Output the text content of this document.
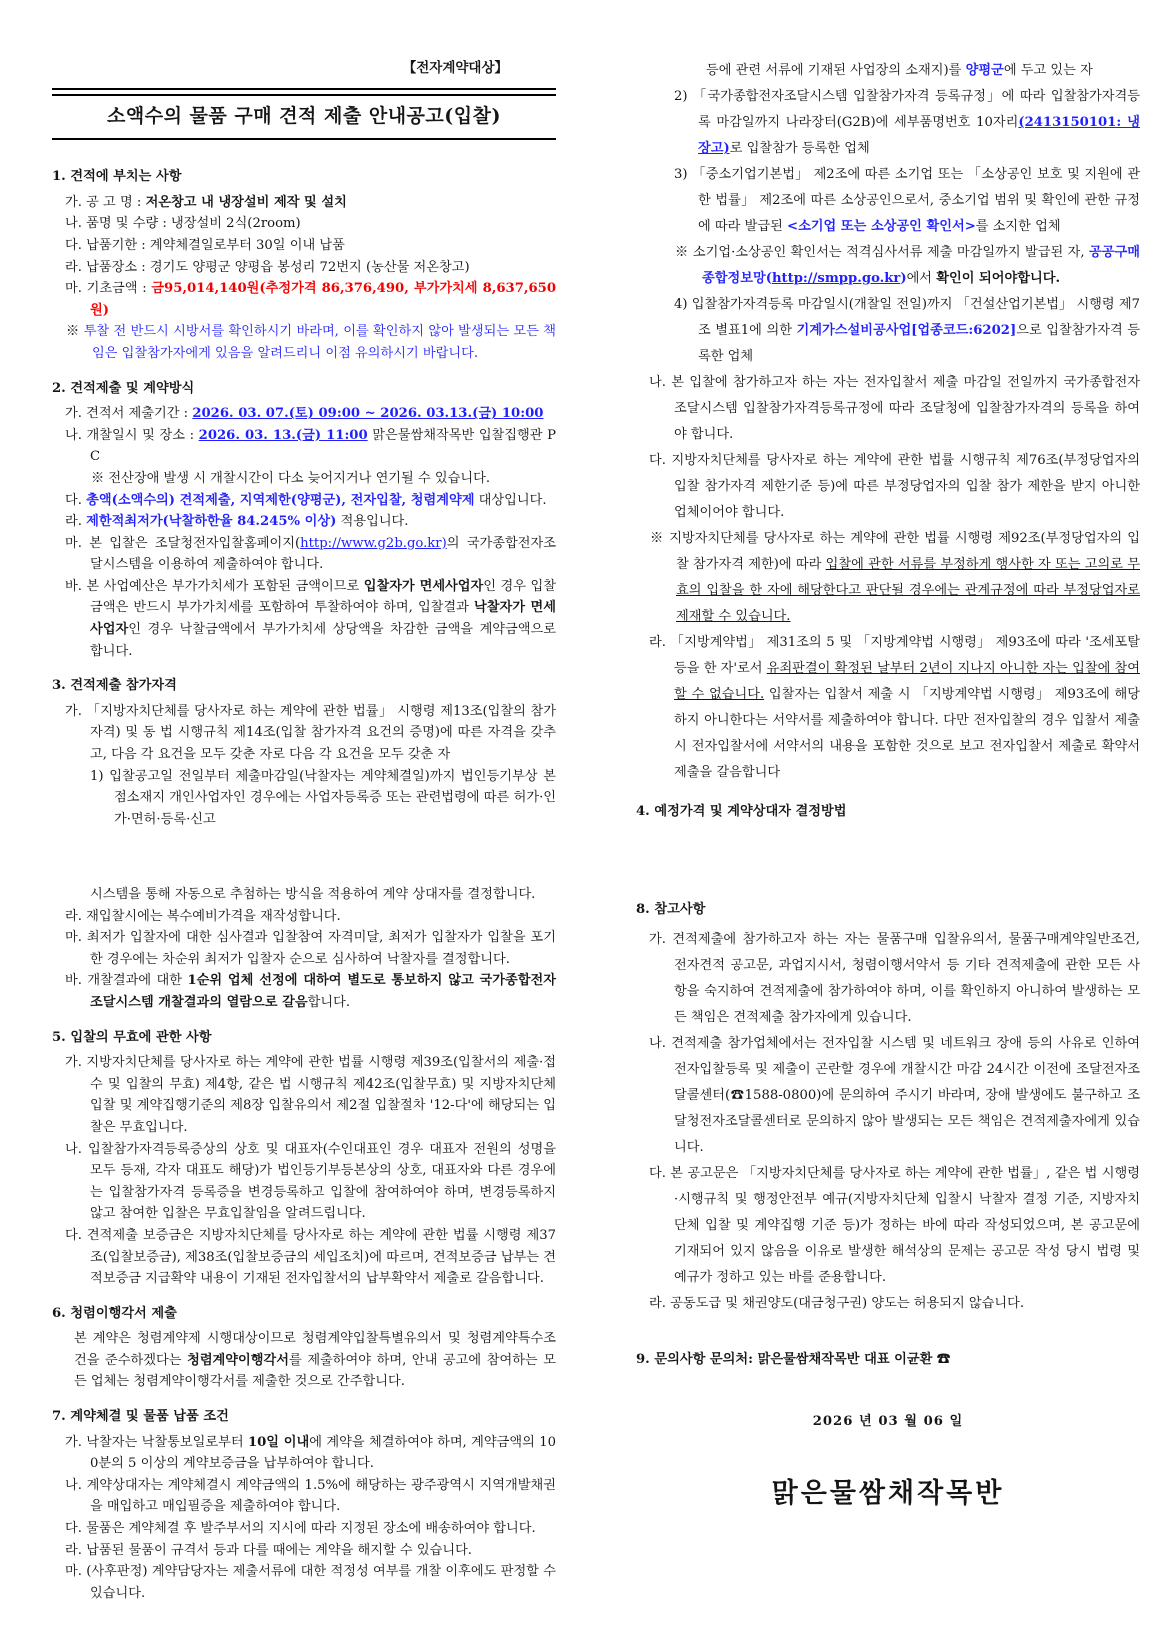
【전자계약대상】
소액수의 물품 구매 견적 제출 안내공고(입찰)
1. 견적에 부치는 사항
가. 공 고 명 : 저온창고 내 냉장설비 제작 및 설치
나. 품명 및 수량 : 냉장설비 2식(2room)
다. 납품기한 : 계약체결일로부터 30일 이내 납품
라. 납품장소 : 경기도 양평군 양평읍 봉성리 72번지 (농산물 저온창고)
마. 기초금액 : 금95,014,140원(추정가격 86,376,490, 부가가치세 8,637,650원)
※ 투찰 전 반드시 시방서를 확인하시기 바라며, 이를 확인하지 않아 발생되는 모든 책임은 입찰참가자에게 있음을 알려드리니 이점 유의하시기 바랍니다.
2. 견적제출 및 계약방식
가. 견적서 제출기간 : 2026. 03. 07.(토) 09:00 ~ 2026. 03.13.(금) 10:00
나. 개찰일시 및 장소 : 2026. 03. 13.(금) 11:00 맑은물쌈채작목반 입찰집행관 PC
※ 전산장애 발생 시 개찰시간이 다소 늦어지거나 연기될 수 있습니다.
다. 총액(소액수의) 견적제출, 지역제한(양평군), 전자입찰, 청렴계약제 대상입니다.
라. 제한적최저가(낙찰하한율 84.245% 이상) 적용입니다.
마. 본 입찰은 조달청전자입찰홈페이지(http://www.g2b.go.kr)의 국가종합전자조달시스템을 이용하여 제출하여야 합니다.
바. 본 사업예산은 부가가치세가 포함된 금액이므로 입찰자가 면세사업자인 경우 입찰금액은 반드시 부가가치세를 포함하여 투찰하여야 하며, 입찰결과 낙찰자가 면세사업자인 경우 낙찰금액에서 부가가치세 상당액을 차감한 금액을 계약금액으로 합니다.
3. 견적제출 참가자격
가. 「지방자치단체를 당사자로 하는 계약에 관한 법률」 시행령 제13조(입찰의 참가자격) 및 동 법 시행규칙 제14조(입찰 참가자격 요건의 증명)에 따른 자격을 갖추고, 다음 각 요건을 모두 갖춘 자로 다음 각 요건을 모두 갖춘 자
1) 입찰공고일 전일부터 제출마감일(낙찰자는 계약체결일)까지 법인등기부상 본점소재지 개인사업자인 경우에는 사업자등록증 또는 관련법령에 따른 허가·인가·면허·등록·신고
등에 관련 서류에 기재된 사업장의 소재지)를 양평군에 두고 있는 자
2) 「국가종합전자조달시스템 입찰참가자격 등록규정」에 따라 입찰참가자격등록 마감일까지 나라장터(G2B)에 세부품명번호 10자리(2413150101: 냉장고)로 입찰참가 등록한 업체
3) 「중소기업기본법」 제2조에 따른 소기업 또는 「소상공인 보호 및 지원에 관한 법률」 제2조에 따른 소상공인으로서, 중소기업 범위 및 확인에 관한 규정에 따라 발급된 <소기업 또는 소상공인 확인서>를 소지한 업체
※ 소기업·소상공인 확인서는 적격심사서류 제출 마감일까지 발급된 자, 공공구매 종합정보망(http://smpp.go.kr)에서 확인이 되어야합니다.
4) 입찰참가자격등록 마감일시(개찰일 전일)까지 「건설산업기본법」 시행령 제7조 별표1에 의한 기계가스설비공사업[업종코드:6202]으로 입찰참가자격 등록한 업체
나. 본 입찰에 참가하고자 하는 자는 전자입찰서 제출 마감일 전일까지 국가종합전자조달시스템 입찰참가자격등록규정에 따라 조달청에 입찰참가자격의 등록을 하여야 합니다.
다. 지방자치단체를 당사자로 하는 계약에 관한 법률 시행규칙 제76조(부정당업자의 입찰 참가자격 제한기준 등)에 따른 부정당업자의 입찰 참가 제한을 받지 아니한 업체이어야 합니다.
※ 지방자치단체를 당사자로 하는 계약에 관한 법률 시행령 제92조(부정당업자의 입찰 참가자격 제한)에 따라 입찰에 관한 서류를 부정하게 행사한 자 또는 고의로 무효의 입찰을 한 자에 해당한다고 판단될 경우에는 관계규정에 따라 부정당업자로 제재할 수 있습니다.
라. 「지방계약법」 제31조의 5 및 「지방계약법 시행령」 제93조에 따라 '조세포탈 등을 한 자'로서 유죄판결이 확정된 날부터 2년이 지나지 아니한 자는 입찰에 참여할 수 없습니다. 입찰자는 입찰서 제출 시 「지방계약법 시행령」 제93조에 해당하지 아니한다는 서약서를 제출하여야 합니다. 다만 전자입찰의 경우 입찰서 제출 시 전자입찰서에 서약서의 내용을 포함한 것으로 보고 전자입찰서 제출로 확약서 제출을 갈음합니다
4. 예정가격 및 계약상대자 결정방법
시스템을 통해 자동으로 추첨하는 방식을 적용하여 계약 상대자를 결정합니다.
라. 재입찰시에는 복수예비가격을 재작성합니다.
마. 최저가 입찰자에 대한 심사결과 입찰참여 자격미달, 최저가 입찰자가 입찰을 포기한 경우에는 차순위 최저가 입찰자 순으로 심사하여 낙찰자를 결정합니다.
바. 개찰결과에 대한 1순위 업체 선정에 대하여 별도로 통보하지 않고 국가종합전자조달시스템 개찰결과의 열람으로 갈음합니다.
5. 입찰의 무효에 관한 사항
가. 지방자치단체를 당사자로 하는 계약에 관한 법률 시행령 제39조(입찰서의 제출·접수 및 입찰의 무효) 제4항, 같은 법 시행규칙 제42조(입찰무효) 및 지방자치단체 입찰 및 계약집행기준의 제8장 입찰유의서 제2절 입찰절차 '12-다'에 해당되는 입찰은 무효입니다.
나. 입찰참가자격등록증상의 상호 및 대표자(수인대표인 경우 대표자 전원의 성명을 모두 등재, 각자 대표도 해당)가 법인등기부등본상의 상호, 대표자와 다른 경우에는 입찰참가자격 등록증을 변경등록하고 입찰에 참여하여야 하며, 변경등록하지 않고 참여한 입찰은 무효입찰임을 알려드립니다.
다. 견적제출 보증금은 지방자치단체를 당사자로 하는 계약에 관한 법률 시행령 제37조(입찰보증금), 제38조(입찰보증금의 세입조치)에 따르며, 견적보증금 납부는 견적보증금 지급확약 내용이 기재된 전자입찰서의 납부확약서 제출로 갈음합니다.
6. 청렴이행각서 제출
본 계약은 청렴계약제 시행대상이므로 청렴계약입찰특별유의서 및 청렴계약특수조건을 준수하겠다는 청렴계약이행각서를 제출하여야 하며, 안내 공고에 참여하는 모든 업체는 청렴계약이행각서를 제출한 것으로 간주합니다.
7. 계약체결 및 물품 납품 조건
가. 낙찰자는 낙찰통보일로부터 10일 이내에 계약을 체결하여야 하며, 계약금액의 100분의 5 이상의 계약보증금을 납부하여야 합니다.
나. 계약상대자는 계약체결시 계약금액의 1.5%에 해당하는 광주광역시 지역개발채권을 매입하고 매입필증을 제출하여야 합니다.
다. 물품은 계약체결 후 발주부서의 지시에 따라 지정된 장소에 배송하여야 합니다.
라. 납품된 물품이 규격서 등과 다를 때에는 계약을 해지할 수 있습니다.
마. (사후판정) 계약담당자는 제출서류에 대한 적정성 여부를 개찰 이후에도 판정할 수 있습니다.
8. 참고사항
가. 견적제출에 참가하고자 하는 자는 물품구매 입찰유의서, 물품구매계약일반조건, 전자견적 공고문, 과업지시서, 청렴이행서약서 등 기타 견적제출에 관한 모든 사항을 숙지하여 견적제출에 참가하여야 하며, 이를 확인하지 아니하여 발생하는 모든 책임은 견적제출 참가자에게 있습니다.
나. 견적제출 참가업체에서는 전자입찰 시스템 및 네트워크 장애 등의 사유로 인하여 전자입찰등록 및 제출이 곤란할 경우에 개찰시간 마감 24시간 이전에 조달전자조달콜센터(☎1588-0800)에 문의하여 주시기 바라며, 장애 발생에도 불구하고 조달청전자조달콜센터로 문의하지 않아 발생되는 모든 책임은 견적제출자에게 있습니다.
다. 본 공고문은 「지방자치단체를 당사자로 하는 계약에 관한 법률」, 같은 법 시행령·시행규칙 및 행정안전부 예규(지방자치단체 입찰시 낙찰자 결정 기준, 지방자치단체 입찰 및 계약집행 기준 등)가 정하는 바에 따라 작성되었으며, 본 공고문에 기재되어 있지 않음을 이유로 발생한 해석상의 문제는 공고문 작성 당시 법령 및 예규가 정하고 있는 바를 준용합니다.
라. 공동도급 및 채권양도(대금청구권) 양도는 허용되지 않습니다.
9. 문의사항 문의처: 맑은물쌈채작목반 대표 이균환 ☎
2026 년 03 월 06 일
맑은물쌈채작목반
